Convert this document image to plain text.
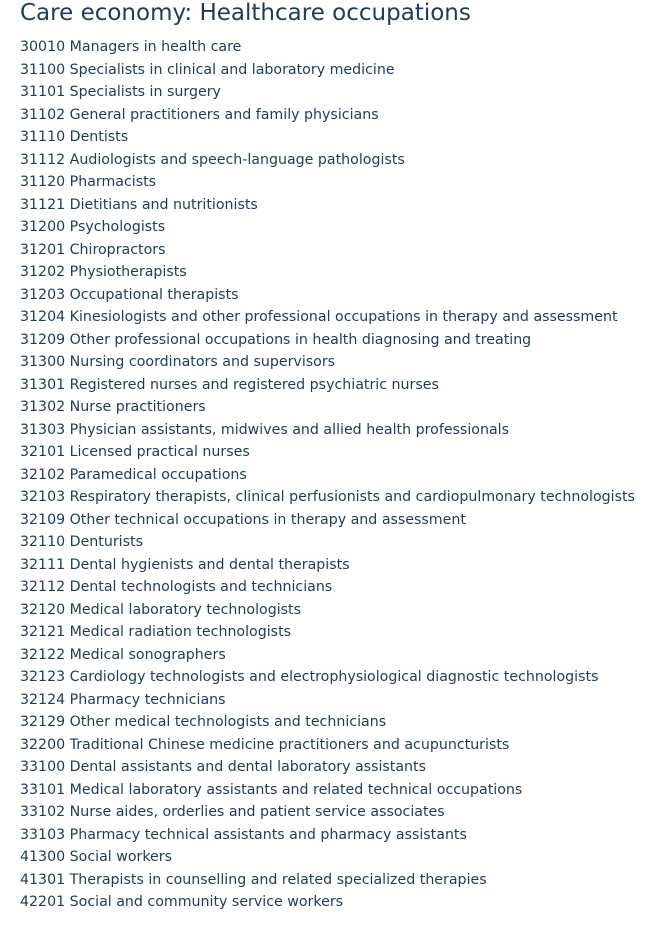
Care economy: Healthcare occupations
30010 Managers in health care
31100 Specialists in clinical and laboratory medicine
31101 Specialists in surgery
31102 General practitioners and family physicians
31110 Dentists
31112 Audiologists and speech-language pathologists
31120 Pharmacists
31121 Dietitians and nutritionists
31200 Psychologists
31201 Chiropractors
31202 Physiotherapists
31203 Occupational therapists
31204 Kinesiologists and other professional occupations in therapy and assessment
31209 Other professional occupations in health diagnosing and treating
31300 Nursing coordinators and supervisors
31301 Registered nurses and registered psychiatric nurses
31302 Nurse practitioners
31303 Physician assistants, midwives and allied health professionals
32101 Licensed practical nurses
32102 Paramedical occupations
32103 Respiratory therapists, clinical perfusionists and cardiopulmonary technologists
32109 Other technical occupations in therapy and assessment
32110 Denturists
32111 Dental hygienists and dental therapists
32112 Dental technologists and technicians
32120 Medical laboratory technologists
32121 Medical radiation technologists
32122 Medical sonographers
32123 Cardiology technologists and electrophysiological diagnostic technologists
32124 Pharmacy technicians
32129 Other medical technologists and technicians
32200 Traditional Chinese medicine practitioners and acupuncturists
33100 Dental assistants and dental laboratory assistants
33101 Medical laboratory assistants and related technical occupations
33102 Nurse aides, orderlies and patient service associates
33103 Pharmacy technical assistants and pharmacy assistants
41300 Social workers
41301 Therapists in counselling and related specialized therapies
42201 Social and community service workers
